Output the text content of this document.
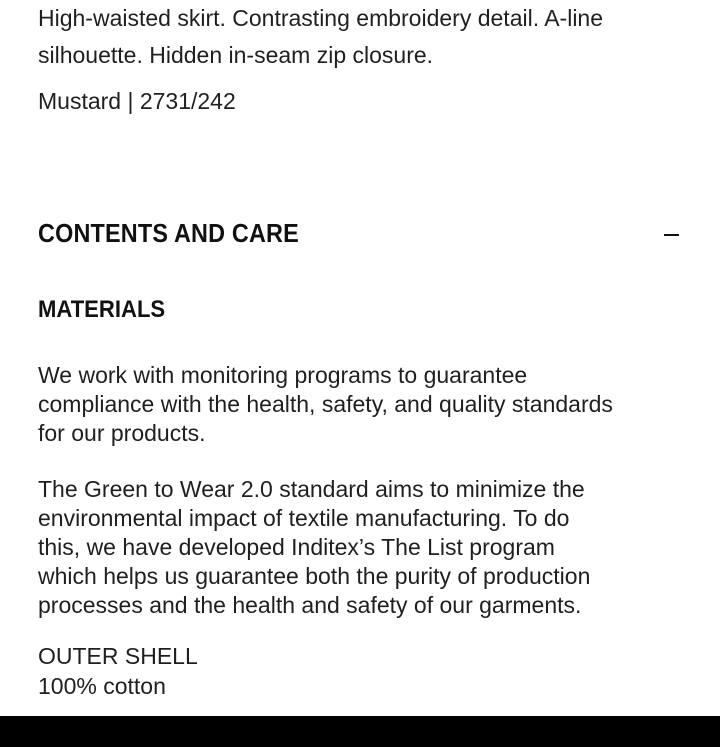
High-waisted skirt. Contrasting embroidery detail. A-line
silhouette. Hidden in-seam zip closure.
Mustard | 2731/242
CONTENTS AND CARE
MATERIALS
We work with monitoring programs to guarantee
compliance with the health, safety, and quality standards
for our products.
The Green to Wear 2.0 standard aims to minimize the
environmental impact of textile manufacturing. To do
this, we have developed Inditex’s The List program
which helps us guarantee both the purity of production
processes and the health and safety of our garments.
OUTER SHELL
100% cotton
